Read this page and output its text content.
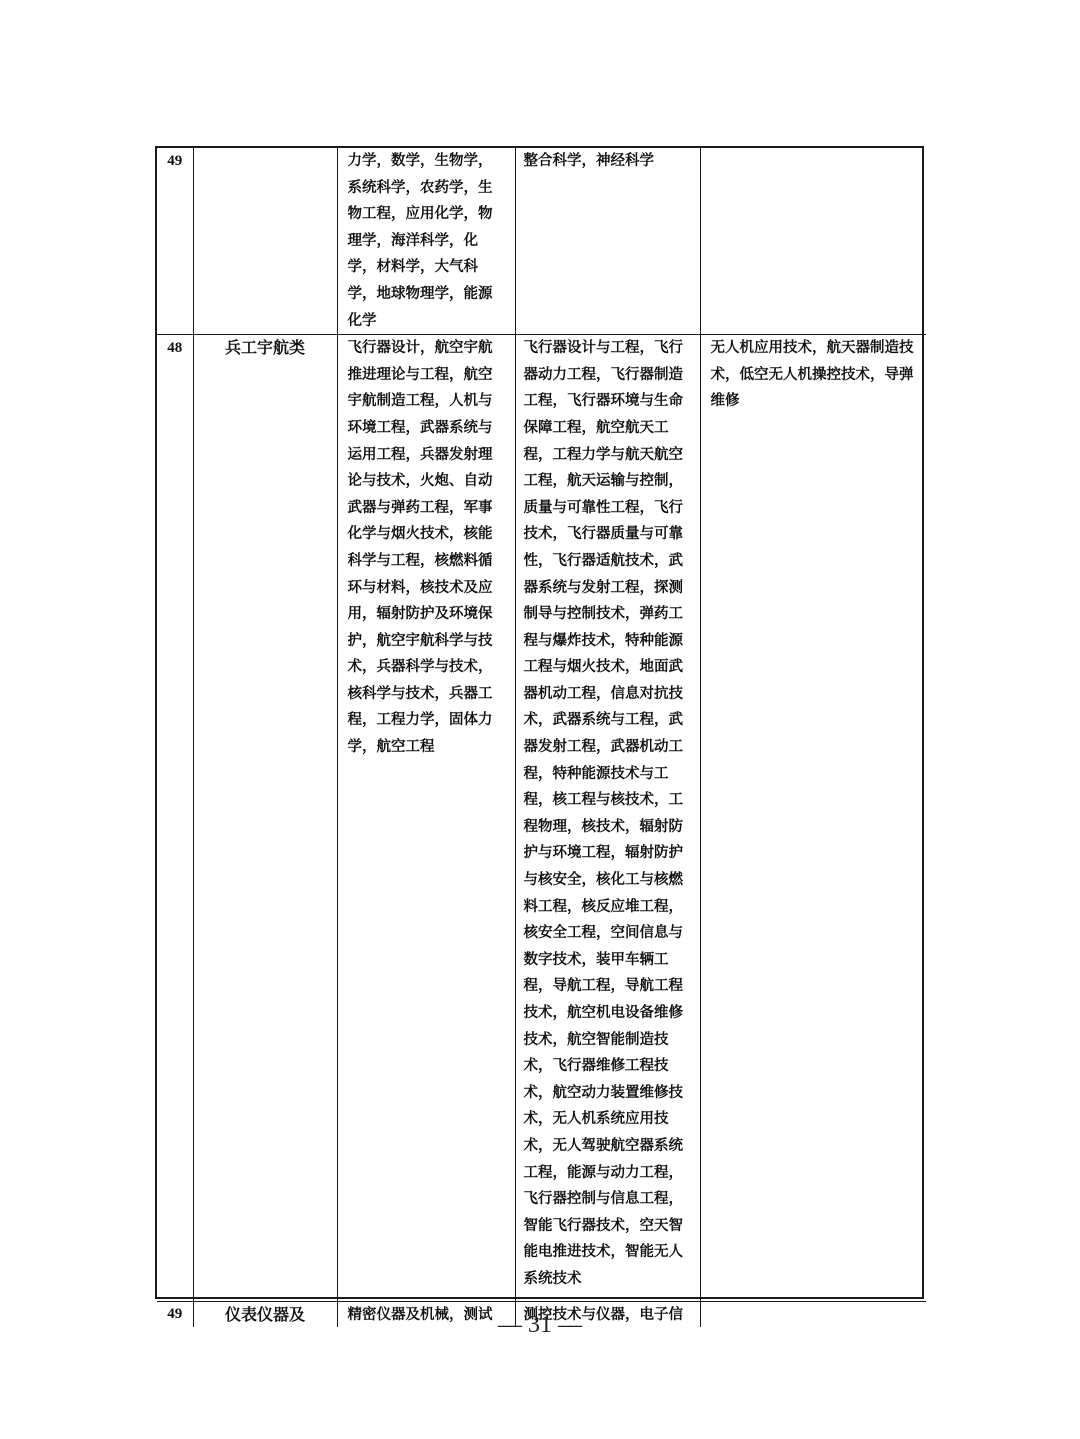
49		力学，数学，生物学，系统科学，农药学，生物工程，应用化学，物理学，海洋科学，化学，材料学，大气科学，地球物理学，能源化学	整合科学，神经科学	
48	兵工宇航类	飞行器设计，航空宇航推进理论与工程，航空宇航制造工程，人机与环境工程，武器系统与运用工程，兵器发射理论与技术，火炮、自动武器与弹药工程，军事化学与烟火技术，核能科学与工程，核燃料循环与材料，核技术及应用，辐射防护及环境保护，航空宇航科学与技术，兵器科学与技术，核科学与技术，兵器工程，工程力学，固体力学，航空工程	飞行器设计与工程，飞行器动力工程，飞行器制造工程，飞行器环境与生命保障工程，航空航天工程，工程力学与航天航空工程，航天运输与控制，质量与可靠性工程，飞行技术，飞行器质量与可靠性，飞行器适航技术，武器系统与发射工程，探测制导与控制技术，弹药工程与爆炸技术，特种能源工程与烟火技术，地面武器机动工程，信息对抗技术，武器系统与工程，武器发射工程，武器机动工程，特种能源技术与工程，核工程与核技术，工程物理，核技术，辐射防护与环境工程，辐射防护与核安全，核化工与核燃料工程，核反应堆工程，核安全工程，空间信息与数字技术，装甲车辆工程，导航工程，导航工程技术，航空机电设备维修技术，航空智能制造技术，飞行器维修工程技术，航空动力装置维修技术，无人机系统应用技术，无人驾驶航空器系统工程，能源与动力工程，飞行器控制与信息工程，智能飞行器技术，空天智能电推进技术，智能无人系统技术	无人机应用技术，航天器制造技术，低空无人机操控技术，导弹维修
49	仪表仪器及	精密仪器及机械，测试	测控技术与仪器，电子信	
— 31 —
